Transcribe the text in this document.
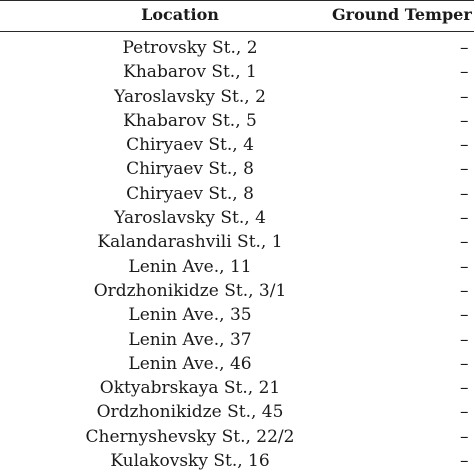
Location	Ground Temper
Petrovsky St., 2	–
Khabarov St., 1	–
Yaroslavsky St., 2	–
Khabarov St., 5	–
Chiryaev St., 4	–
Chiryaev St., 8	–
Chiryaev St., 8	–
Yaroslavsky St., 4	–
Kalandarashvili St., 1	–
Lenin Ave., 11	–
Ordzhonikidze St., 3/1	–
Lenin Ave., 35	–
Lenin Ave., 37	–
Lenin Ave., 46	–
Oktyabrskaya St., 21	–
Ordzhonikidze St., 45	–
Chernyshevsky St., 22/2	–
Kulakovsky St., 16	–
